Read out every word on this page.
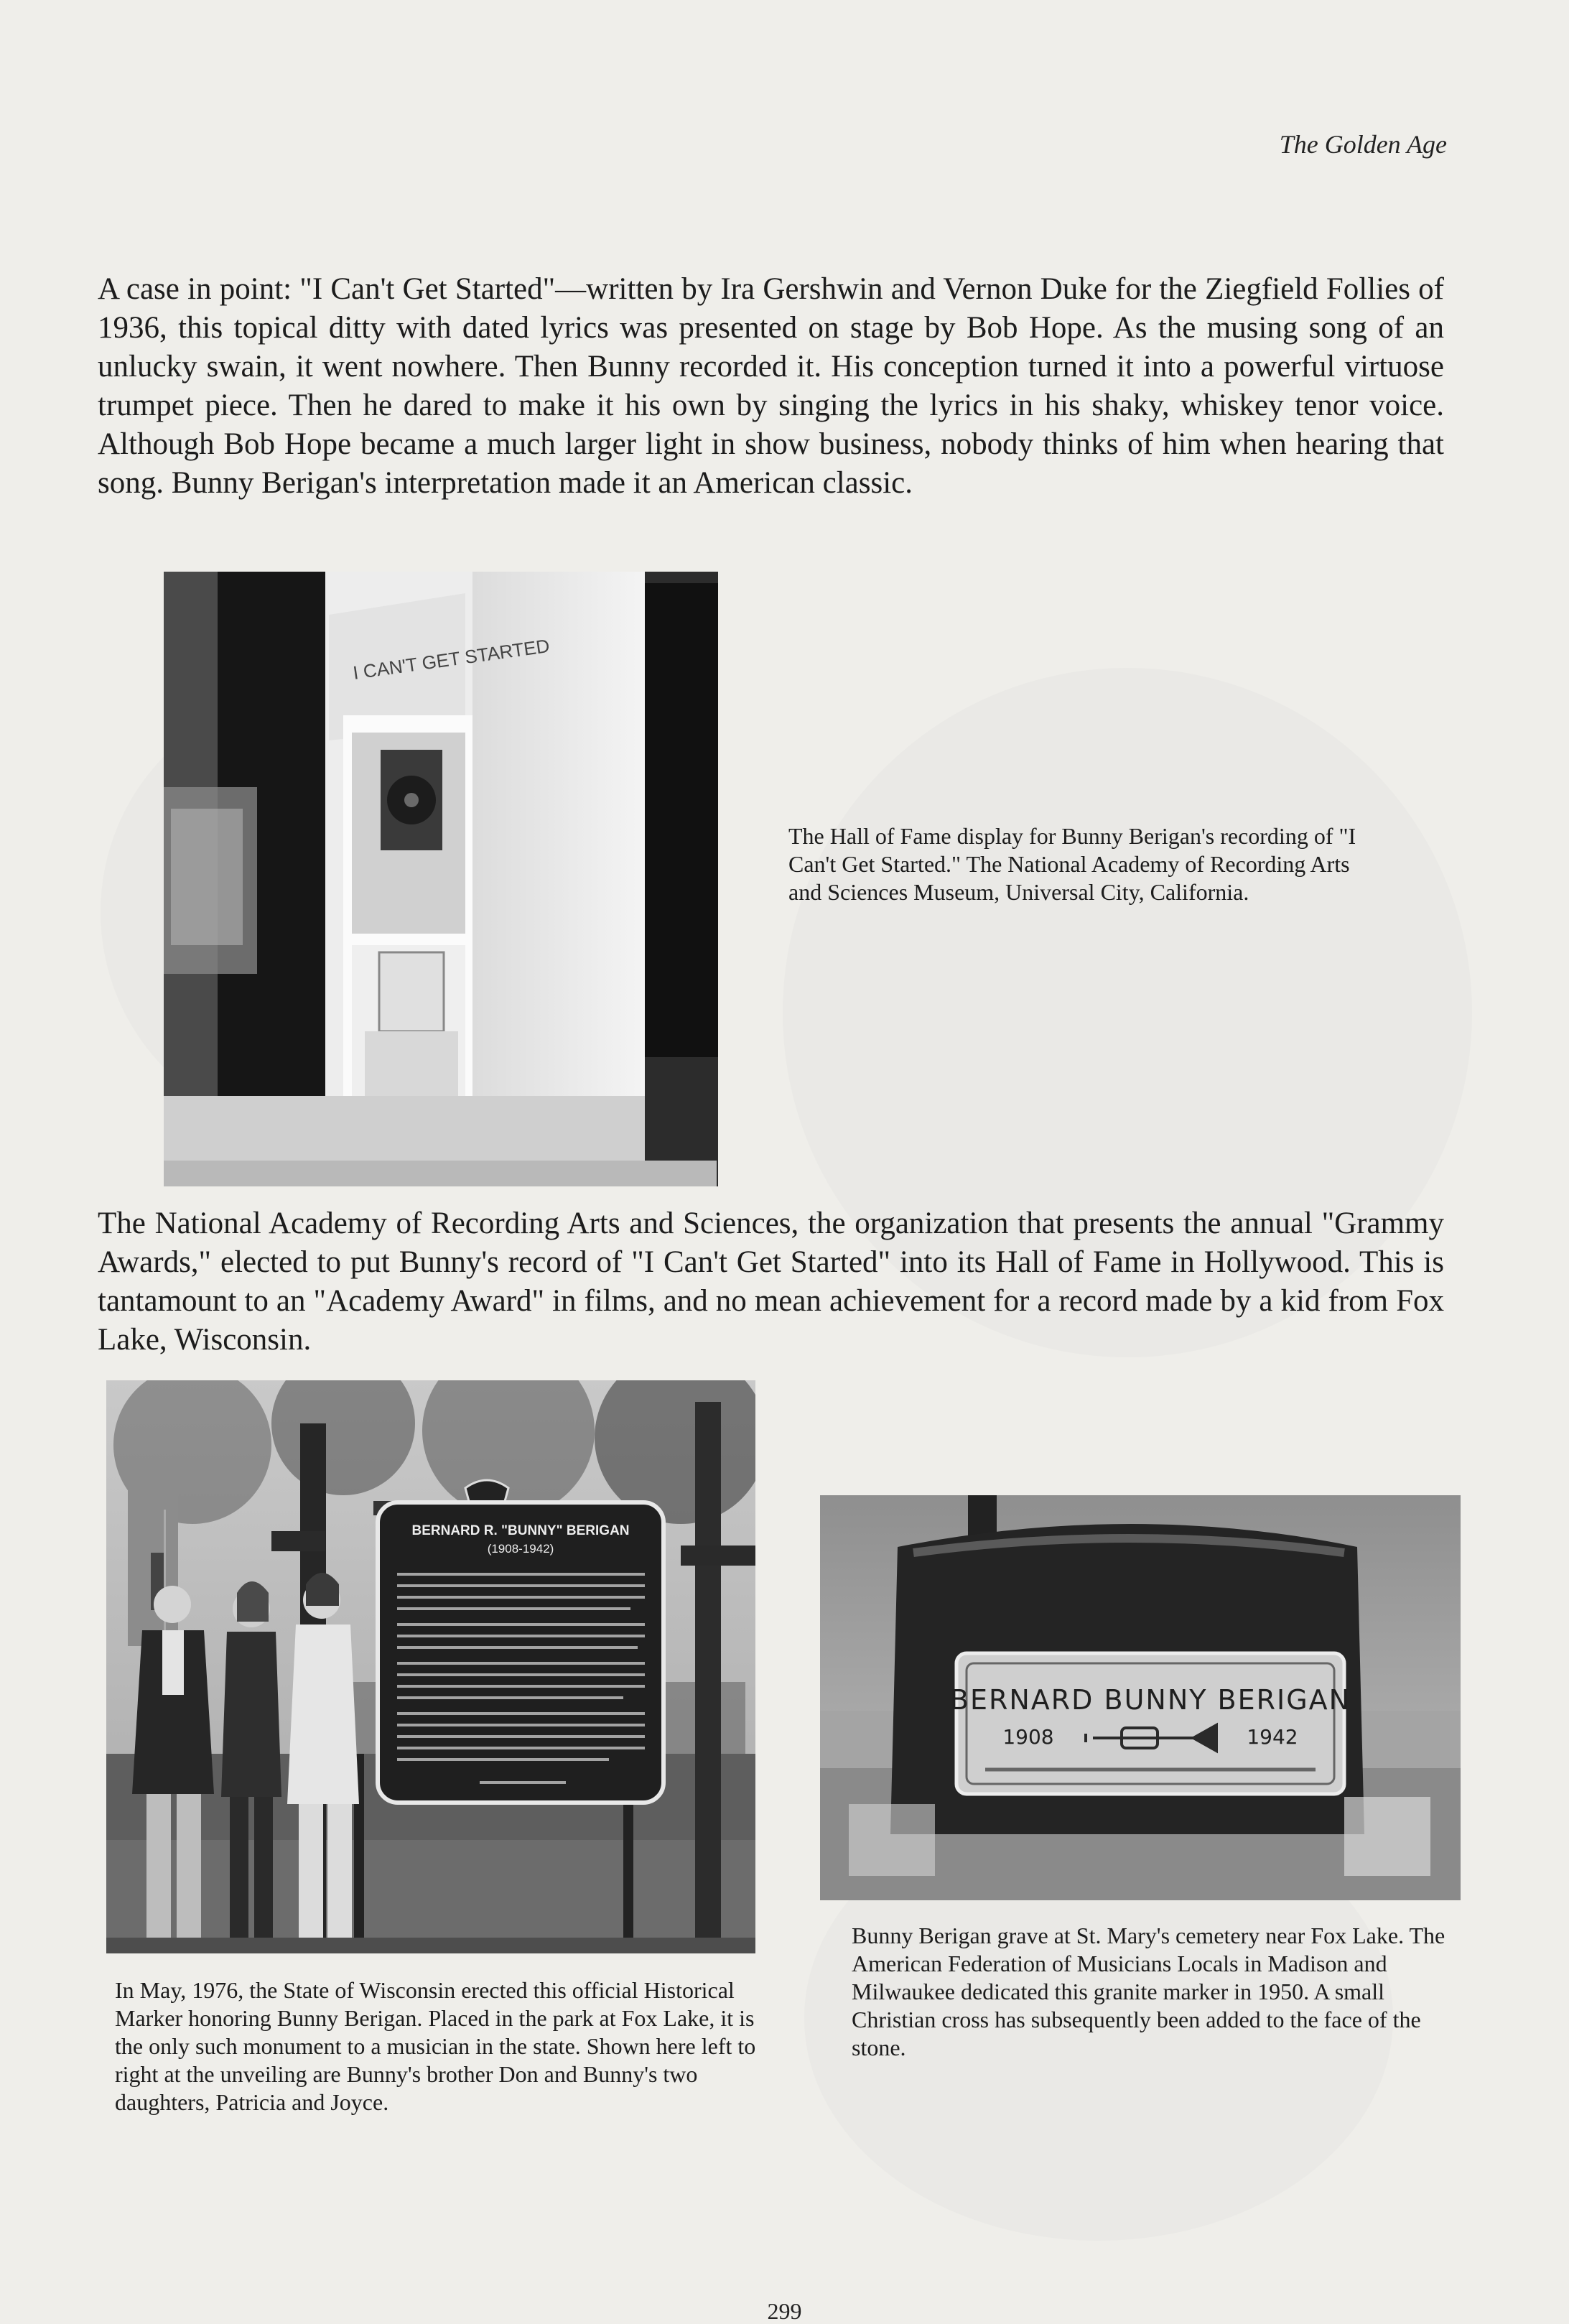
The Golden Age

A case in point: "I Can't Get Started"—written by Ira Gershwin and Vernon Duke for the Ziegfield Follies of 1936, this topical ditty with dated lyrics was presented on stage by Bob Hope. As the musing song of an unlucky swain, it went nowhere. Then Bunny recorded it. His conception turned it into a powerful virtuose trumpet piece. Then he dared to make it his own by singing the lyrics in his shaky, whiskey tenor voice. Although Bob Hope became a much larger light in show business, nobody thinks of him when hearing that song. Bunny Berigan's interpretation made it an American classic.

I CAN'T GET STARTED

The Hall of Fame display for Bunny Berigan's recording of "I Can't Get Started." The National Academy of Recording Arts and Sciences Museum, Universal City, California.

The National Academy of Recording Arts and Sciences, the organization that presents the annual "Grammy Awards," elected to put Bunny's record of "I Can't Get Started" into its Hall of Fame in Hollywood. This is tantamount to an "Academy Award" in films, and no mean achievement for a record made by a kid from Fox Lake, Wisconsin.

BERNARD R. "BUNNY" BERIGAN
(1908-1942)

In May, 1976, the State of Wisconsin erected this official Historical Marker honoring Bunny Berigan. Placed in the park at Fox Lake, it is the only such monument to a musician in the state. Shown here left to right at the unveiling are Bunny's brother Don and Bunny's two daughters, Patricia and Joyce.

BERNARD BUNNY BERIGAN
1908	1942

Bunny Berigan grave at St. Mary's cemetery near Fox Lake. The American Federation of Musicians Locals in Madison and Milwaukee dedicated this granite marker in 1950. A small Christian cross has subsequently been added to the face of the stone.

299
